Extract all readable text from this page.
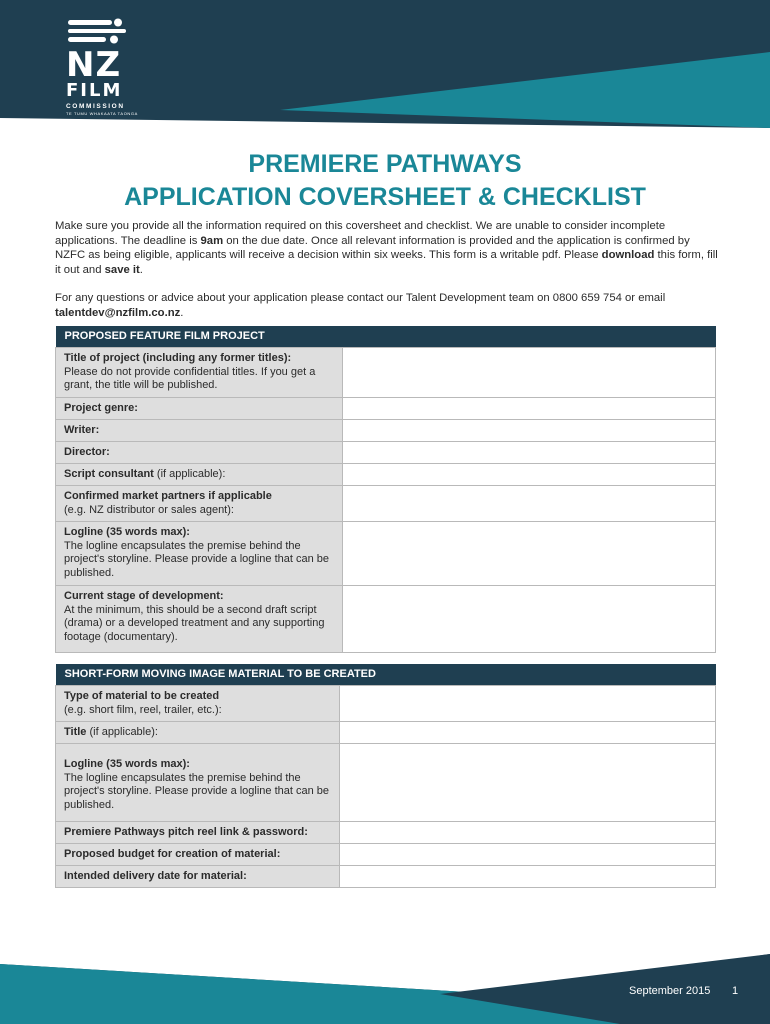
NZ
FILM
COMMISSION
TE TUMU WHAKAATA TAONGA
PREMIERE PATHWAYS
APPLICATION COVERSHEET & CHECKLIST

Make sure you provide all the information required on this coversheet and checklist. We are unable to consider incomplete applications. The deadline is 9am on the due date. Once all relevant information is provided and the application is confirmed by NZFC as being eligible, applicants will receive a decision within six weeks. This form is a writable pdf. Please download this form, fill it out and save it.

For any questions or advice about your application please contact our Talent Development team on 0800 659 754 or email talentdev@nzfilm.co.nz.

PROPOSED FEATURE FILM PROJECT	
Title of project (including any former titles):
Please do not provide confidential titles. If you get a grant, the title will be published.	
Project genre:	
Writer:	
Director:	
Script consultant (if applicable):	
Confirmed market partners if applicable
(e.g. NZ distributor or sales agent):	
Logline (35 words max):
The logline encapsulates the premise behind the project's storyline. Please provide a logline that can be published.	
Current stage of development:
At the minimum, this should be a second draft script (drama) or a developed treatment and any supporting footage (documentary).	
SHORT-FORM MOVING IMAGE MATERIAL TO BE CREATED	
Type of material to be created
(e.g. short film, reel, trailer, etc.):	
Title (if applicable):	
Logline (35 words max):
The logline encapsulates the premise behind the project's storyline. Please provide a logline that can be published.	
Premiere Pathways pitch reel link & password:	
Proposed budget for creation of material:	
Intended delivery date for material:	
September 2015 1
